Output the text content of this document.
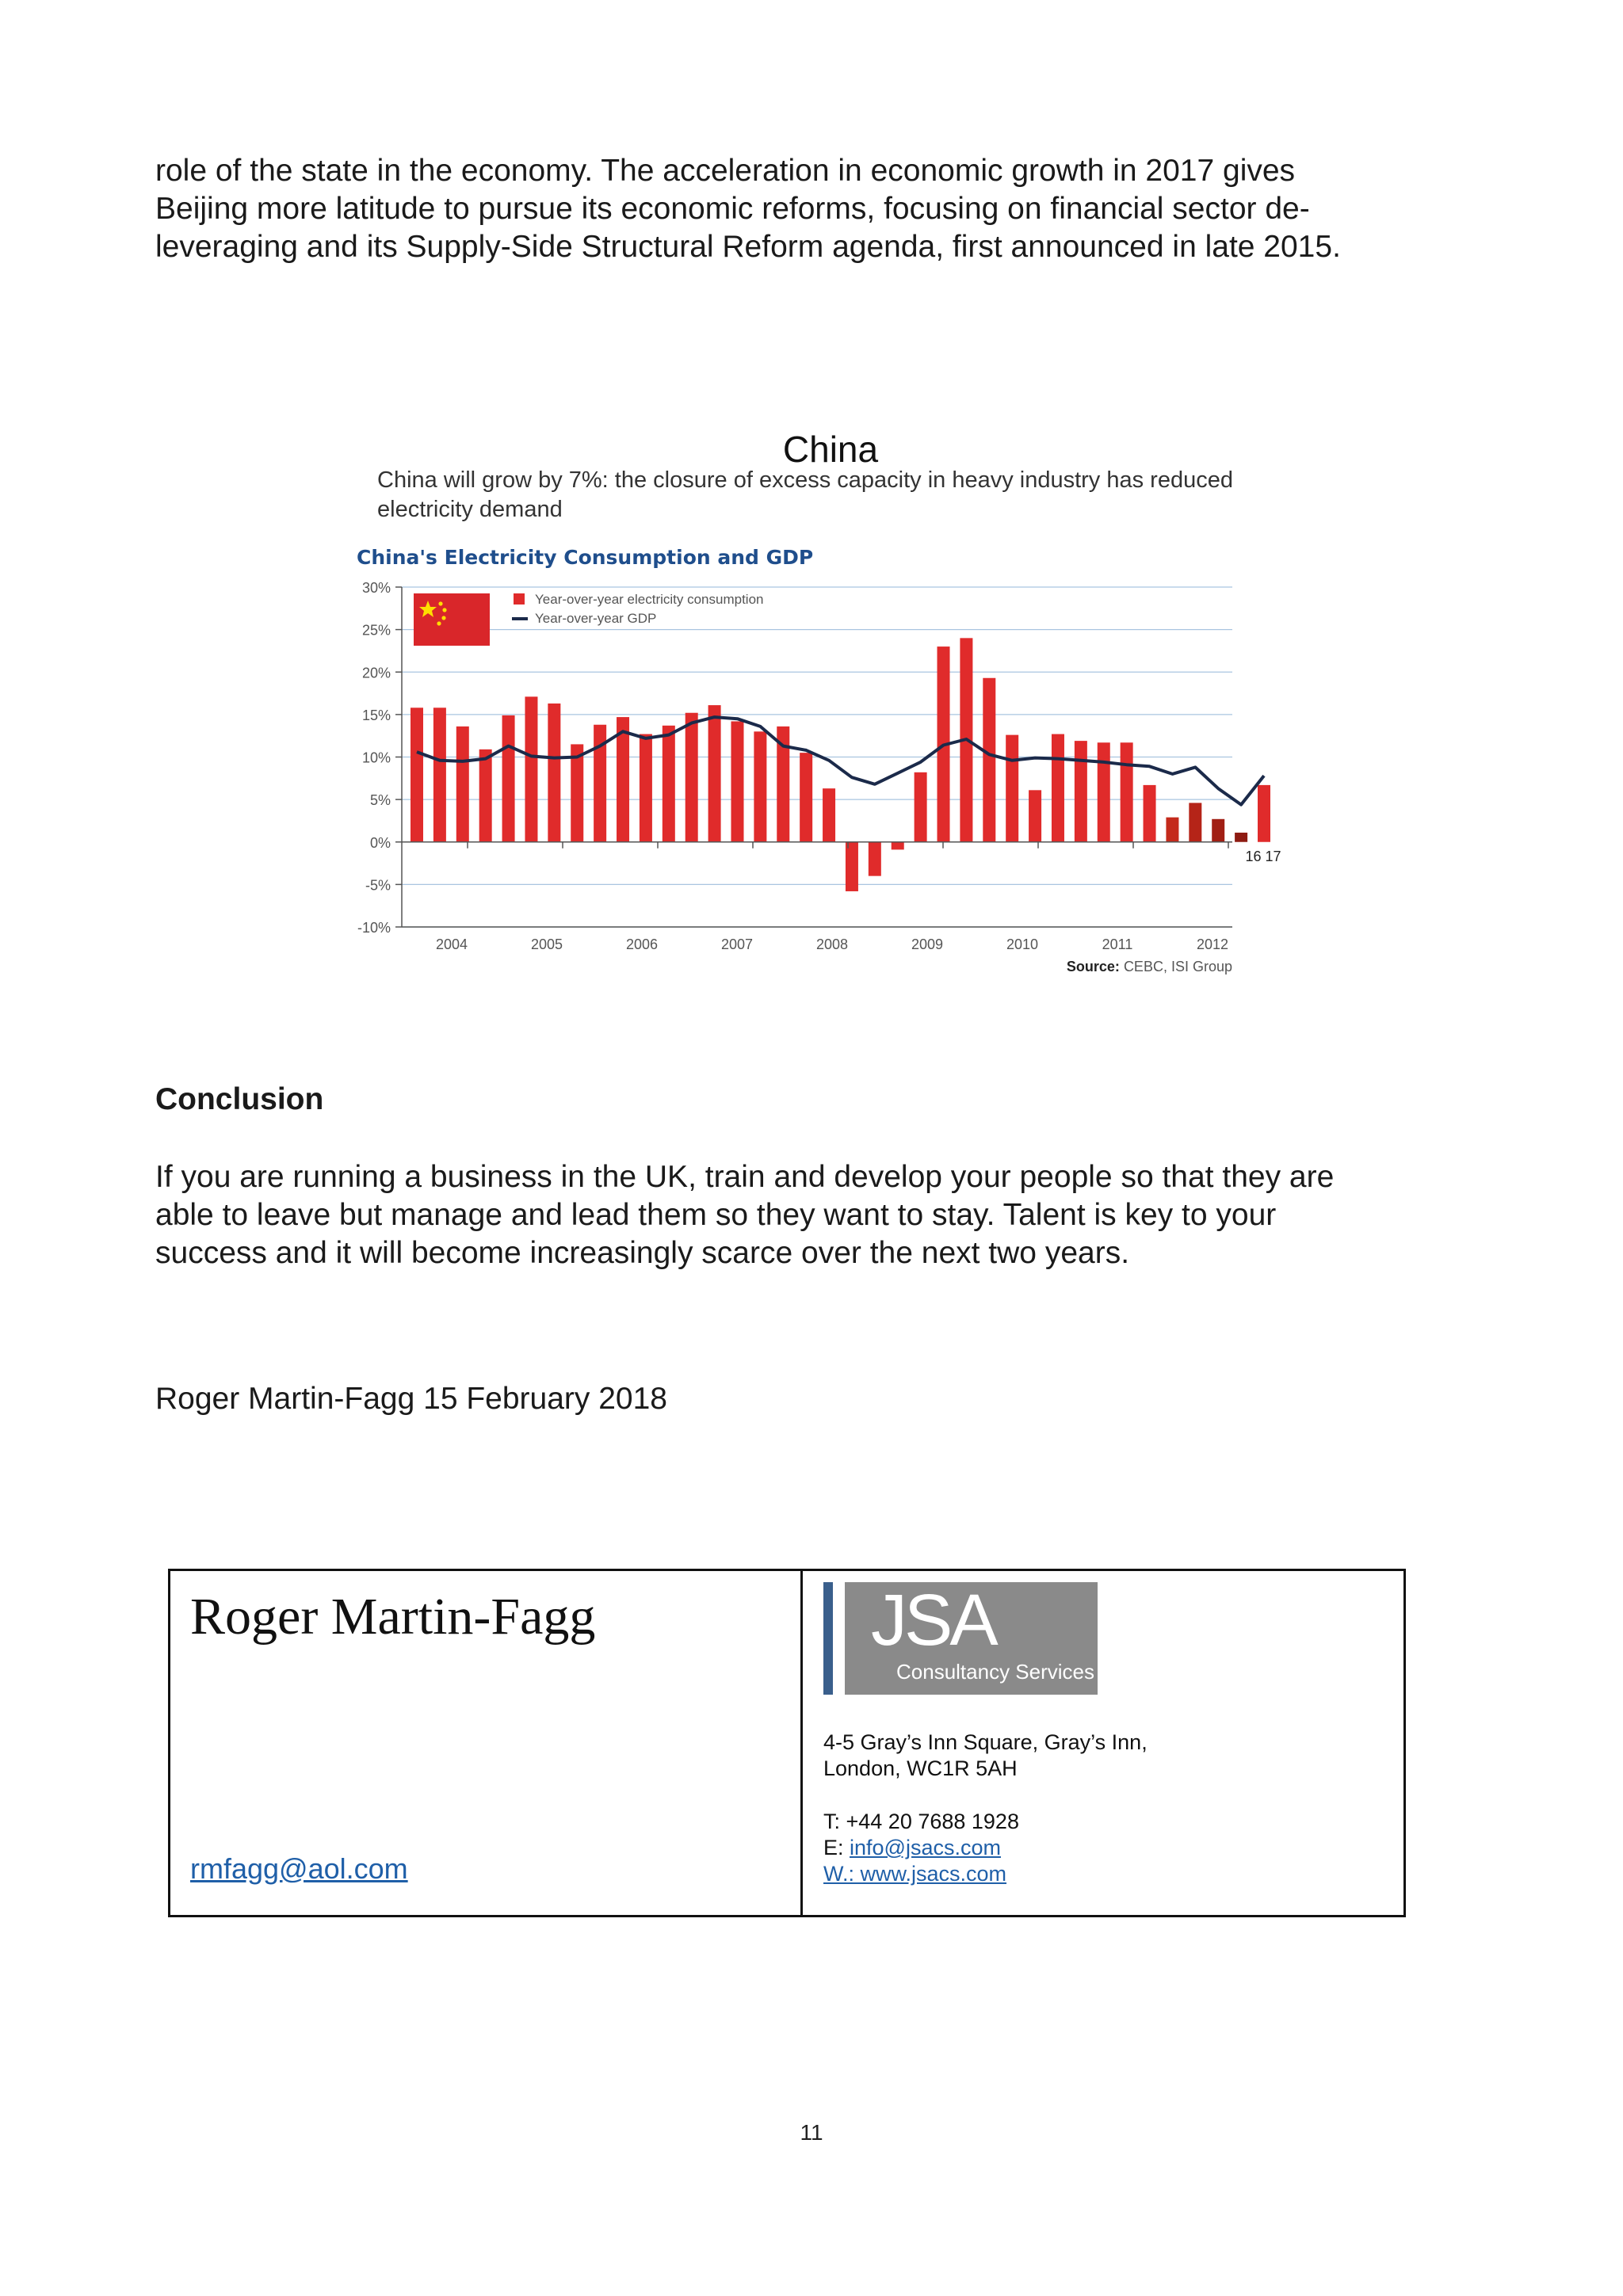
role of the state in the economy. The acceleration in economic growth in 2017 gives
Beijing more latitude to pursue its economic reforms, focusing on financial sector de-
leveraging and its Supply-Side Structural Reform agenda, first announced in late 2015.

China

China will grow by 7%: the closure of excess capacity in heavy industry has reduced
electricity demand

China's Electricity Consumption and GDP
30%
25%
20%
15%
10%
5%
0%
-5%
-10%
2004	2005	2006	2007	2008	2009	2010	2011	2012
16 17
Year-over-year electricity consumption
Year-over-year GDP
Source: CEBC, ISI Group

Conclusion

If you are running a business in the UK, train and develop your people so that they are
able to leave but manage and lead them so they want to stay. Talent is key to your
success and it will become increasingly scarce over the next two years.

Roger Martin-Fagg 15 February 2018

Roger Martin-Fagg

rmfagg@aol.com
JSA
Consultancy Services

4-5 Gray’s Inn Square, Gray’s Inn,

London, WC1R 5AH

T: +44 20 7688 1928

E: info@jsacs.com

W.: www.jsacs.com

11
